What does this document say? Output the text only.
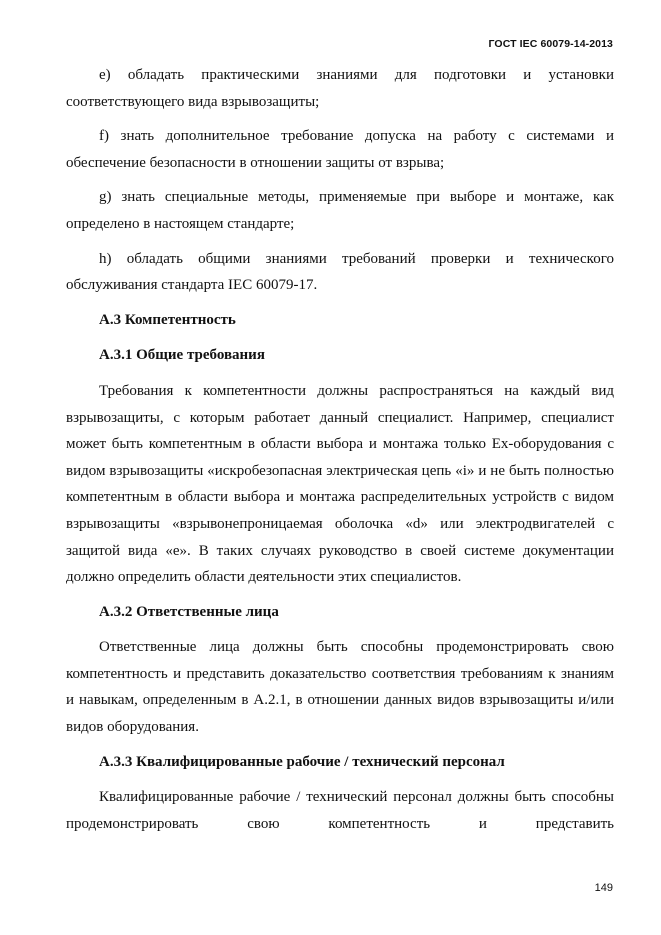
ГОСТ IEC 60079-14-2013

е) обладать практическими знаниями для подготовки и установки соответствующего вида взрывозащиты;

f) знать дополнительное требование допуска на работу с системами и обеспечение безопасности в отношении защиты от взрыва;

g) знать специальные методы, применяемые при выборе и монтаже, как определено в настоящем стандарте;

h) обладать общими знаниями требований проверки и технического обслуживания стандарта IEC 60079-17.

А.3 Компетентность
А.3.1 Общие требования

Требования к компетентности должны распространяться на каждый вид взрывозащиты, с которым работает данный специалист. Например, специалист может быть компетентным в области выбора и монтажа только Ex-оборудования с видом взрывозащиты «искробезопасная электрическая цепь «i» и не быть полностью компетентным в области выбора и монтажа распределительных устройств с видом взрывозащиты «взрывонепроницаемая оболочка «d» или электродвигателей с защитой вида «е». В таких случаях руководство в своей системе документации должно определить области деятельности этих специалистов.

А.3.2 Ответственные лица

Ответственные лица должны быть способны продемонстрировать свою компетентность и представить доказательство соответствия требованиям к знаниям и навыкам, определенным в А.2.1, в отношении данных видов взрывозащиты и/или видов оборудования.

А.3.3 Квалифицированные рабочие / технический персонал

Квалифицированные рабочие / технический персонал должны быть способны продемонстрировать свою компетентность и представить

149
